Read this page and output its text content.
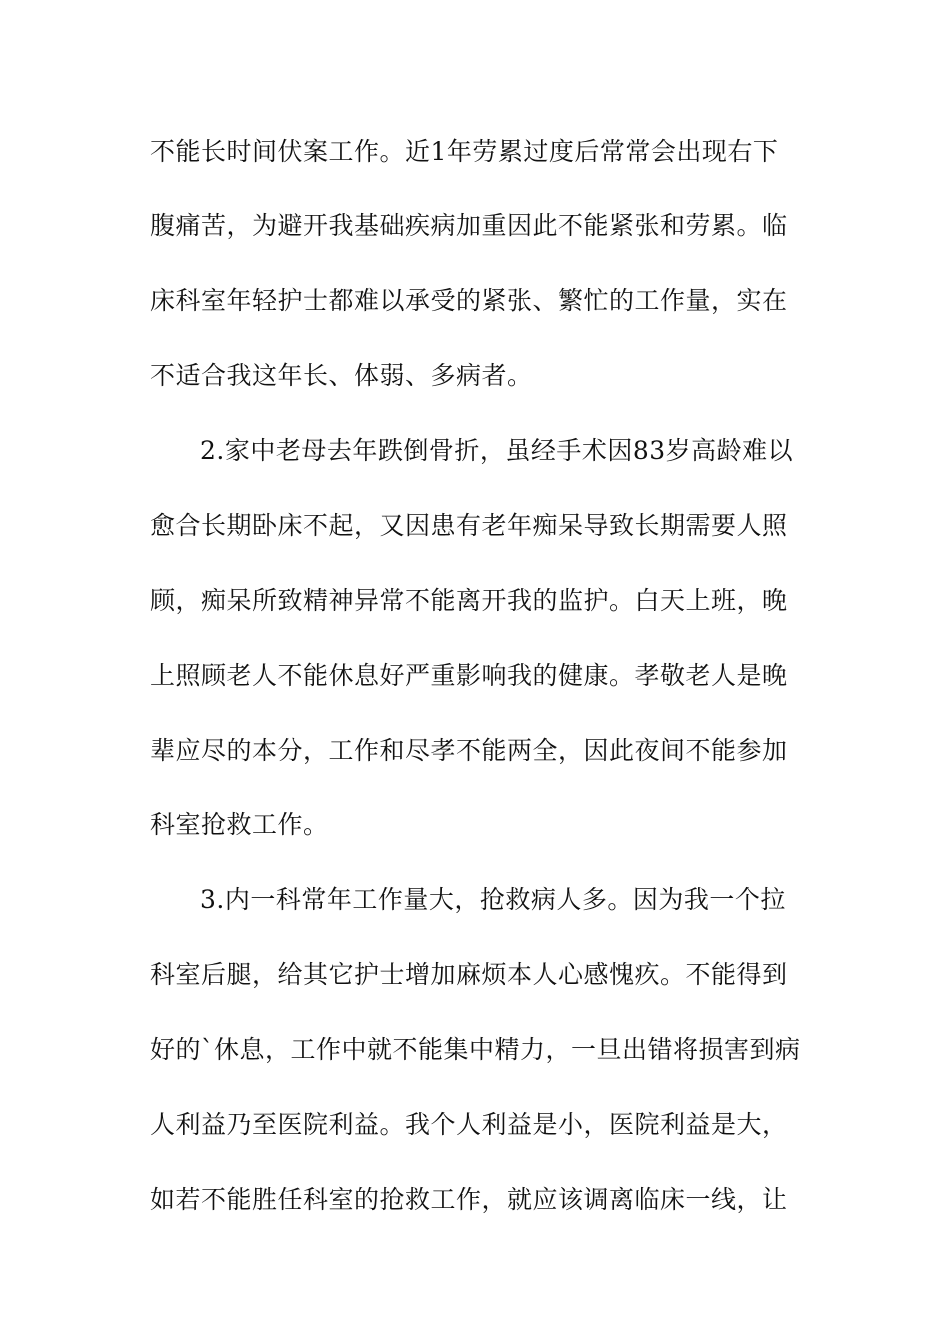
不能长时间伏案工作。近1年劳累过度后常常会出现右下

腹痛苦，为避开我基础疾病加重因此不能紧张和劳累。临

床科室年轻护士都难以承受的紧张、繁忙的工作量，实在

不适合我这年长、体弱、多病者。

2.家中老母去年跌倒骨折，虽经手术因83岁高龄难以

愈合长期卧床不起，又因患有老年痴呆导致长期需要人照

顾，痴呆所致精神异常不能离开我的监护。白天上班，晚

上照顾老人不能休息好严重影响我的健康。孝敬老人是晚

辈应尽的本分，工作和尽孝不能两全，因此夜间不能参加

科室抢救工作。

3.内一科常年工作量大，抢救病人多。因为我一个拉

科室后腿，给其它护士增加麻烦本人心感愧疚。不能得到

好的`休息，工作中就不能集中精力，一旦出错将损害到病

人利益乃至医院利益。我个人利益是小，医院利益是大，

如若不能胜任科室的抢救工作，就应该调离临床一线，让
